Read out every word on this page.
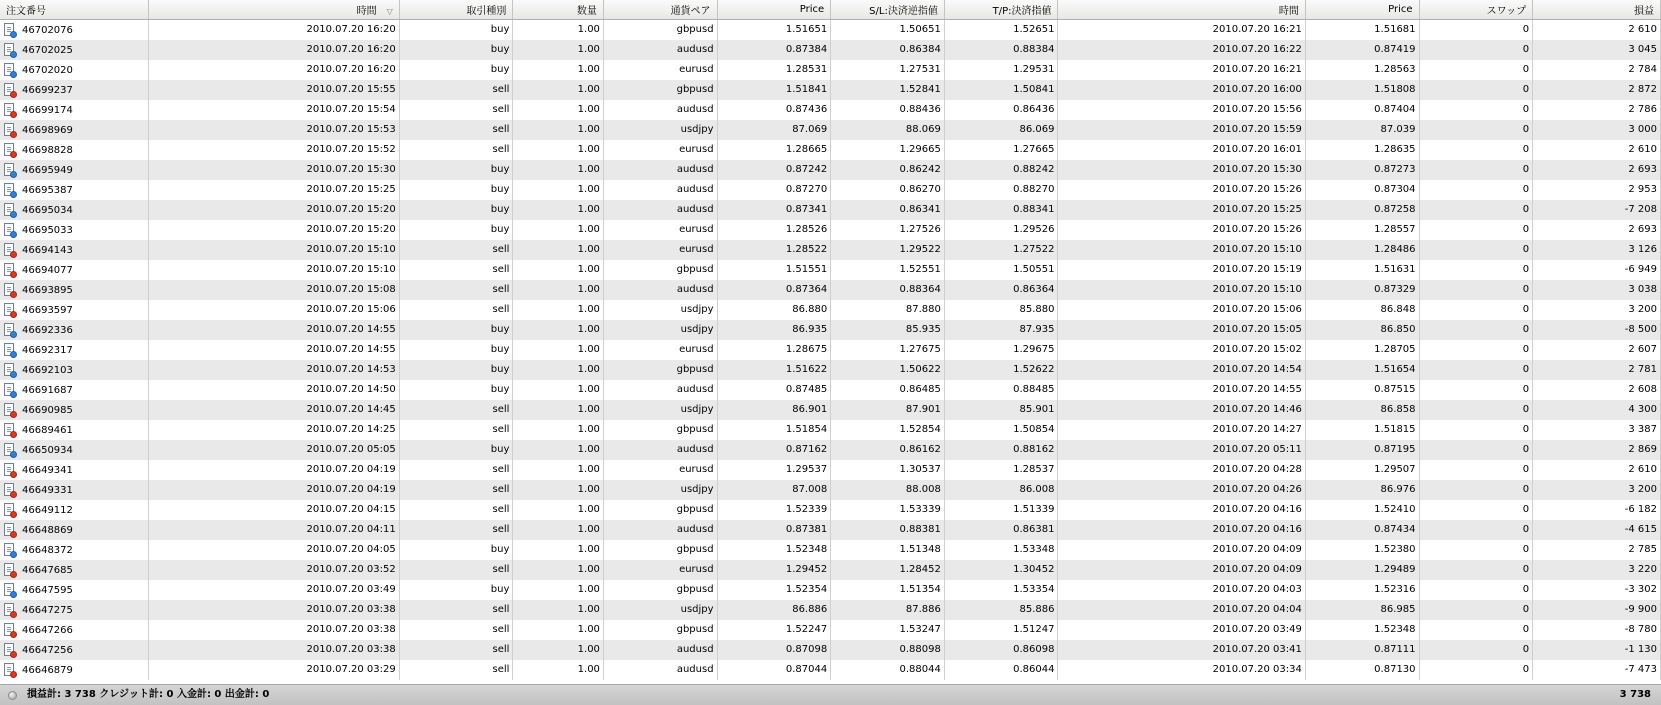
注文番号	時間 ▽	取引種別	数量	通貨ペア	Price	S/L:決済逆指値	T/P:決済指値	時間	Price	スワップ	損益

46702076	2010.07.20 16:20	buy	1.00	gbpusd	1.51651	1.50651	1.52651	2010.07.20 16:21	1.51681	0	2 610

46702025	2010.07.20 16:20	buy	1.00	audusd	0.87384	0.86384	0.88384	2010.07.20 16:22	0.87419	0	3 045

46702020	2010.07.20 16:20	buy	1.00	eurusd	1.28531	1.27531	1.29531	2010.07.20 16:21	1.28563	0	2 784

46699237	2010.07.20 15:55	sell	1.00	gbpusd	1.51841	1.52841	1.50841	2010.07.20 16:00	1.51808	0	2 872

46699174	2010.07.20 15:54	sell	1.00	audusd	0.87436	0.88436	0.86436	2010.07.20 15:56	0.87404	0	2 786

46698969	2010.07.20 15:53	sell	1.00	usdjpy	87.069	88.069	86.069	2010.07.20 15:59	87.039	0	3 000

46698828	2010.07.20 15:52	sell	1.00	eurusd	1.28665	1.29665	1.27665	2010.07.20 16:01	1.28635	0	2 610

46695949	2010.07.20 15:30	buy	1.00	audusd	0.87242	0.86242	0.88242	2010.07.20 15:30	0.87273	0	2 693

46695387	2010.07.20 15:25	buy	1.00	audusd	0.87270	0.86270	0.88270	2010.07.20 15:26	0.87304	0	2 953

46695034	2010.07.20 15:20	buy	1.00	audusd	0.87341	0.86341	0.88341	2010.07.20 15:25	0.87258	0	-7 208

46695033	2010.07.20 15:20	buy	1.00	eurusd	1.28526	1.27526	1.29526	2010.07.20 15:26	1.28557	0	2 693

46694143	2010.07.20 15:10	sell	1.00	eurusd	1.28522	1.29522	1.27522	2010.07.20 15:10	1.28486	0	3 126

46694077	2010.07.20 15:10	sell	1.00	gbpusd	1.51551	1.52551	1.50551	2010.07.20 15:19	1.51631	0	-6 949

46693895	2010.07.20 15:08	sell	1.00	audusd	0.87364	0.88364	0.86364	2010.07.20 15:10	0.87329	0	3 038

46693597	2010.07.20 15:06	sell	1.00	usdjpy	86.880	87.880	85.880	2010.07.20 15:06	86.848	0	3 200

46692336	2010.07.20 14:55	buy	1.00	usdjpy	86.935	85.935	87.935	2010.07.20 15:05	86.850	0	-8 500

46692317	2010.07.20 14:55	buy	1.00	eurusd	1.28675	1.27675	1.29675	2010.07.20 15:02	1.28705	0	2 607

46692103	2010.07.20 14:53	buy	1.00	gbpusd	1.51622	1.50622	1.52622	2010.07.20 14:54	1.51654	0	2 781

46691687	2010.07.20 14:50	buy	1.00	audusd	0.87485	0.86485	0.88485	2010.07.20 14:55	0.87515	0	2 608

46690985	2010.07.20 14:45	sell	1.00	usdjpy	86.901	87.901	85.901	2010.07.20 14:46	86.858	0	4 300

46689461	2010.07.20 14:25	sell	1.00	gbpusd	1.51854	1.52854	1.50854	2010.07.20 14:27	1.51815	0	3 387

46650934	2010.07.20 05:05	buy	1.00	audusd	0.87162	0.86162	0.88162	2010.07.20 05:11	0.87195	0	2 869

46649341	2010.07.20 04:19	sell	1.00	eurusd	1.29537	1.30537	1.28537	2010.07.20 04:28	1.29507	0	2 610

46649331	2010.07.20 04:19	sell	1.00	usdjpy	87.008	88.008	86.008	2010.07.20 04:26	86.976	0	3 200

46649112	2010.07.20 04:15	sell	1.00	gbpusd	1.52339	1.53339	1.51339	2010.07.20 04:16	1.52410	0	-6 182

46648869	2010.07.20 04:11	sell	1.00	audusd	0.87381	0.88381	0.86381	2010.07.20 04:16	0.87434	0	-4 615

46648372	2010.07.20 04:05	buy	1.00	gbpusd	1.52348	1.51348	1.53348	2010.07.20 04:09	1.52380	0	2 785

46647685	2010.07.20 03:52	sell	1.00	eurusd	1.29452	1.28452	1.30452	2010.07.20 04:09	1.29489	0	3 220

46647595	2010.07.20 03:49	buy	1.00	gbpusd	1.52354	1.51354	1.53354	2010.07.20 04:03	1.52316	0	-3 302

46647275	2010.07.20 03:38	sell	1.00	usdjpy	86.886	87.886	85.886	2010.07.20 04:04	86.985	0	-9 900

46647266	2010.07.20 03:38	sell	1.00	gbpusd	1.52247	1.53247	1.51247	2010.07.20 03:49	1.52348	0	-8 780

46647256	2010.07.20 03:38	sell	1.00	audusd	0.87098	0.88098	0.86098	2010.07.20 03:41	0.87111	0	-1 130

46646879	2010.07.20 03:29	sell	1.00	audusd	0.87044	0.88044	0.86044	2010.07.20 03:34	0.87130	0	-7 473
損益計: 3 738 クレジット計: 0 入金計: 0 出金計: 0	3 738
